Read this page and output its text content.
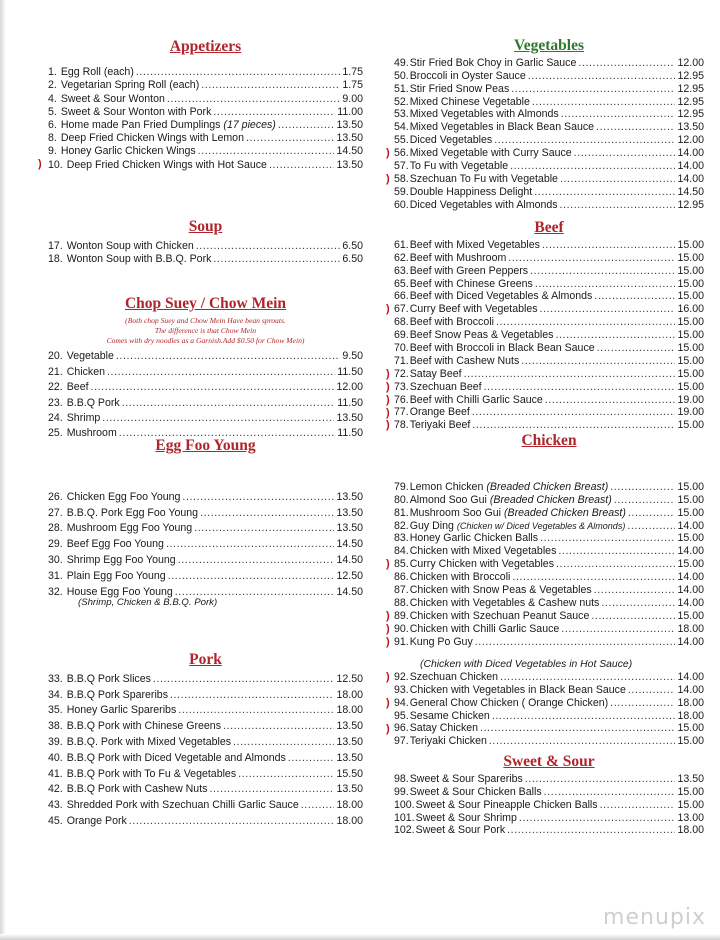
Appetizers
1. Egg Roll (each) .....	1.75
2. Vegetarian Spring Roll (each) .....	1.75
4. Sweet & Sour Wonton .....	9.00
5. Sweet & Sour Wonton with Pork .....	11.00
6. Home made Pan Fried Dumplings (17 pieces) .....	13.50
8. Deep Fried Chicken Wings with Lemon .....	13.50
9. Honey Garlic Chicken Wings .....	14.50
) 10. Deep Fried Chicken Wings with Hot Sauce .....	13.50
Soup
17. Wonton Soup with Chicken .....	6.50
18. Wonton Soup with B.B.Q. Pork .....	6.50
Chop Suey / Chow Mein
(Both chop Suey and Chow Mein Have bean sprouts.
The difference is that Chow Mein
Comes with dry noodles as a Garnish.Add $0.50 for Chow Mein)
20. Vegetable .....	9.50
21. Chicken .....	11.50
22. Beef .....	12.00
23. B.B.Q Pork .....	11.50
24. Shrimp .....	13.50
25. Mushroom .....	11.50
Egg Foo Young
26. Chicken Egg Foo Young .....	13.50
27. B.B.Q. Pork Egg Foo Young .....	13.50
28. Mushroom Egg Foo Young .....	13.50
29. Beef Egg Foo Young .....	14.50
30. Shrimp Egg Foo Young .....	14.50
31. Plain Egg Foo Young .....	12.50
32. House Egg Foo Young .....	14.50
(Shrimp, Chicken & B.B.Q. Pork)
Pork
33. B.B.Q Pork Slices .....	12.50
34. B.B.Q Pork Spareribs .....	18.00
35. Honey Garlic Spareribs .....	18.00
38. B.B.Q Pork with Chinese Greens .....	13.50
39. B.B.Q. Pork with Mixed Vegetables .....	13.50
40. B.B.Q Pork with Diced Vegetable and Almonds .....	13.50
41. B.B.Q Pork with To Fu & Vegetables .....	15.50
42. B.B.Q Pork with Cashew Nuts .....	13.50
43. Shredded Pork with Szechuan Chilli Garlic Sauce .....	18.00
45. Orange Pork .....	18.00
Vegetables
49. Stir Fried Bok Choy in Garlic Sauce .....	12.00
50. Broccoli in Oyster Sauce .....	12.95
51. Stir Fried Snow Peas .....	12.95
52. Mixed Chinese Vegetable .....	12.95
53. Mixed Vegetables with Almonds .....	12.95
54. Mixed Vegetables in Black Bean Sauce .....	13.50
55. Diced Vegetables .....	12.00
) 56. Mixed Vegetable with Curry Sauce .....	14.00
57. To Fu with Vegetable .....	14.00
) 58. Szechuan To Fu with Vegetable .....	14.00
59. Double Happiness Delight .....	14.50
60. Diced Vegetables with Almonds .....	12.95
Beef
61. Beef with Mixed Vegetables .....	15.00
62. Beef with Mushroom .....	15.00
63. Beef with Green Peppers .....	15.00
65. Beef with Chinese Greens .....	15.00
66. Beef with Diced Vegetables & Almonds .....	15.00
) 67. Curry Beef with Vegetables .....	16.00
68. Beef with Broccoli .....	15.00
69. Beef Snow Peas & Vegetables .....	15.00
70. Beef with Broccoli in Black Bean Sauce .....	15.00
71. Beef with Cashew Nuts .....	15.00
) 72. Satay Beef .....	15.00
) 73. Szechuan Beef .....	15.00
) 76. Beef with Chilli Garlic Sauce .....	19.00
) 77. Orange Beef .....	19.00
) 78. Teriyaki Beef .....	15.00
Chicken
79. Lemon Chicken (Breaded Chicken Breast) .....	15.00
80. Almond Soo Gui (Breaded Chicken Breast) .....	15.00
81. Mushroom Soo Gui (Breaded Chicken Breast) .....	15.00
82. Guy Ding (Chicken w/ Diced Vegetables & Almonds) .....	14.00
83. Honey Garlic Chicken Balls .....	15.00
84. Chicken with Mixed Vegetables .....	14.00
) 85. Curry Chicken with Vegetables .....	15.00
86. Chicken with Broccoli .....	14.00
87. Chicken with Snow Peas & Vegetables .....	14.00
88. Chicken with Vegetables & Cashew nuts .....	14.00
) 89. Chicken with Szechuan Peanut Sauce .....	15.00
) 90. Chicken with Chilli Garlic Sauce .....	18.00
) 91. Kung Po Guy .....	14.00
(Chicken with Diced Vegetables in Hot Sauce)
) 92. Szechuan Chicken .....	14.00
93. Chicken with Vegetables in Black Bean Sauce .....	14.00
) 94. General Chow Chicken ( Orange Chicken) .....	18.00
95. Sesame Chicken .....	18.00
) 96. Satay Chicken .....	15.00
97. Teriyaki Chicken .....	15.00
Sweet & Sour
98. Sweet & Sour Spareribs .....	13.50
99. Sweet & Sour Chicken Balls .....	15.00
100. Sweet & Sour Pineapple Chicken Balls .....	15.00
101. Sweet & Sour Shrimp .....	13.00
102. Sweet & Sour Pork .....	18.00
menupix
